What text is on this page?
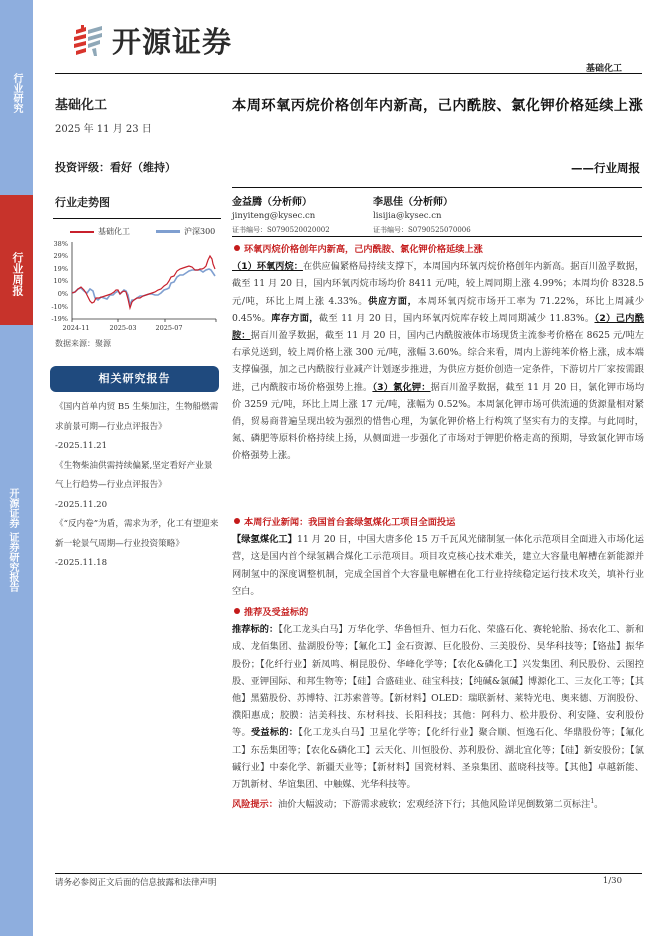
行业研究
行业周报
开源证券
证券研究报告
开源证券
基础化工
基础化工
2025 年 11 月 23 日
投资评级：看好（维持）
行业走势图
基础化工	沪深300
38%
29%
19%
10%
0%
-10%
-19%
2024-11	2025-03	2025-07
数据来源：聚源
相关研究报告
《国内首单内贸 B5 生柴加注，生物船燃需求前景可期—行业点评报告》
-2025.11.21
《生物柴油供需持续偏紧,坚定看好产业景气上行趋势—行业点评报告》
-2025.11.20
《“反内卷”为盾，需求为矛，化工有望迎来新一轮景气周期—行业投资策略》 -2025.11.18
本周环氧丙烷价格创年内新高，己内酰胺、氯化钾价格延续上涨
——行业周报
金益腾（分析师）
jinyiteng@kysec.cn
证书编号：S0790520020002
李思佳（分析师）
lisijia@kysec.cn
证书编号：S0790525070006
环氧丙烷价格创年内新高，己内酰胺、氯化钾价格延续上涨
（1）环氧丙烷：在供应偏紧格局持续支撑下，本周国内环氧丙烷价格创年内新高。据百川盈孚数据，截至 11 月 20 日，国内环氧丙烷市场均价 8411 元/吨，较上周同期上涨 4.99%；本周均价 8328.5 元/吨，环比上周上涨 4.33%。供应方面，本周环氧丙烷市场开工率为 71.22%，环比上周减少 0.45%。库存方面，截至 11 月 20 日，国内环氧丙烷库存较上周同期减少 11.83%。（2）己内酰胺：据百川盈孚数据，截至 11 月 20 日，国内己内酰胺液体市场现货主流参考价格在 8625 元/吨左右承兑送到，较上周价格上涨 300 元/吨，涨幅 3.60%。综合来看，周内上游纯苯价格上涨，成本端支撑偏强，加之己内酰胺行业减产计划逐步推进，为供应方挺价创造一定条件，下游切片厂家按需跟进，己内酰胺市场价格强势上推。（3）氯化钾：据百川盈孚数据，截至 11 月 20 日，氯化钾市场均价 3259 元/吨，环比上周上涨 17 元/吨，涨幅为 0.52%。本周氯化钾市场可供流通的货源量相对紧俏，贸易商普遍呈现出较为强烈的惜售心理，为氯化钾价格上行构筑了坚实有力的支撑。与此同时，氮、磷肥等原料价格持续上扬，从侧面进一步强化了市场对于钾肥价格走高的预期，导致氯化钾市场价格强势上涨。
本周行业新闻：我国首台套绿氢煤化工项目全面投运
【绿氢煤化工】11 月 20 日，中国大唐多伦 15 万千瓦风光储制氢一体化示范项目全面进入市场化运营，这是国内首个绿氢耦合煤化工示范项目。项目攻克核心技术难关，建立大容量电解槽在新能源并网制氢中的深度调整机制，完成全国首个大容量电解槽在化工行业持续稳定运行技术攻关，填补行业空白。
推荐及受益标的
推荐标的：【化工龙头白马】万华化学、华鲁恒升、恒力石化、荣盛石化、赛轮轮胎、扬农化工、新和成、龙佰集团、盐湖股份等；【氟化工】金石资源、巨化股份、三美股份、昊华科技等；【铬盐】振华股份；【化纤行业】新凤鸣、桐昆股份、华峰化学等；【农化&磷化工】兴发集团、利民股份、云图控股、亚钾国际、和邦生物等；【硅】合盛硅业、硅宝科技；【纯碱&氯碱】博源化工、三友化工等；【其他】黑猫股份、苏博特、江苏索普等。【新材料】OLED：瑞联新材、莱特光电、奥来德、万润股份、濮阳惠成；胶膜：洁美科技、东材科技、长阳科技；其他：阿科力、松井股份、利安隆、安利股份等。受益标的：【化工龙头白马】卫星化学等；【化纤行业】聚合顺、恒逸石化、华鼎股份等；【氟化工】东岳集团等；【农化&磷化工】云天化、川恒股份、苏利股份、湖北宜化等；【硅】新安股份；【氯碱行业】中泰化学、新疆天业等；【新材料】国瓷材料、圣泉集团、蓝晓科技等。【其他】卓越新能、万凯新材、华谊集团、中触媒、光华科技等。
风险提示：油价大幅波动；下游需求疲软；宏观经济下行；其他风险详见倒数第二页标注$^1$。
请务必参阅正文后面的信息披露和法律声明	1/30
